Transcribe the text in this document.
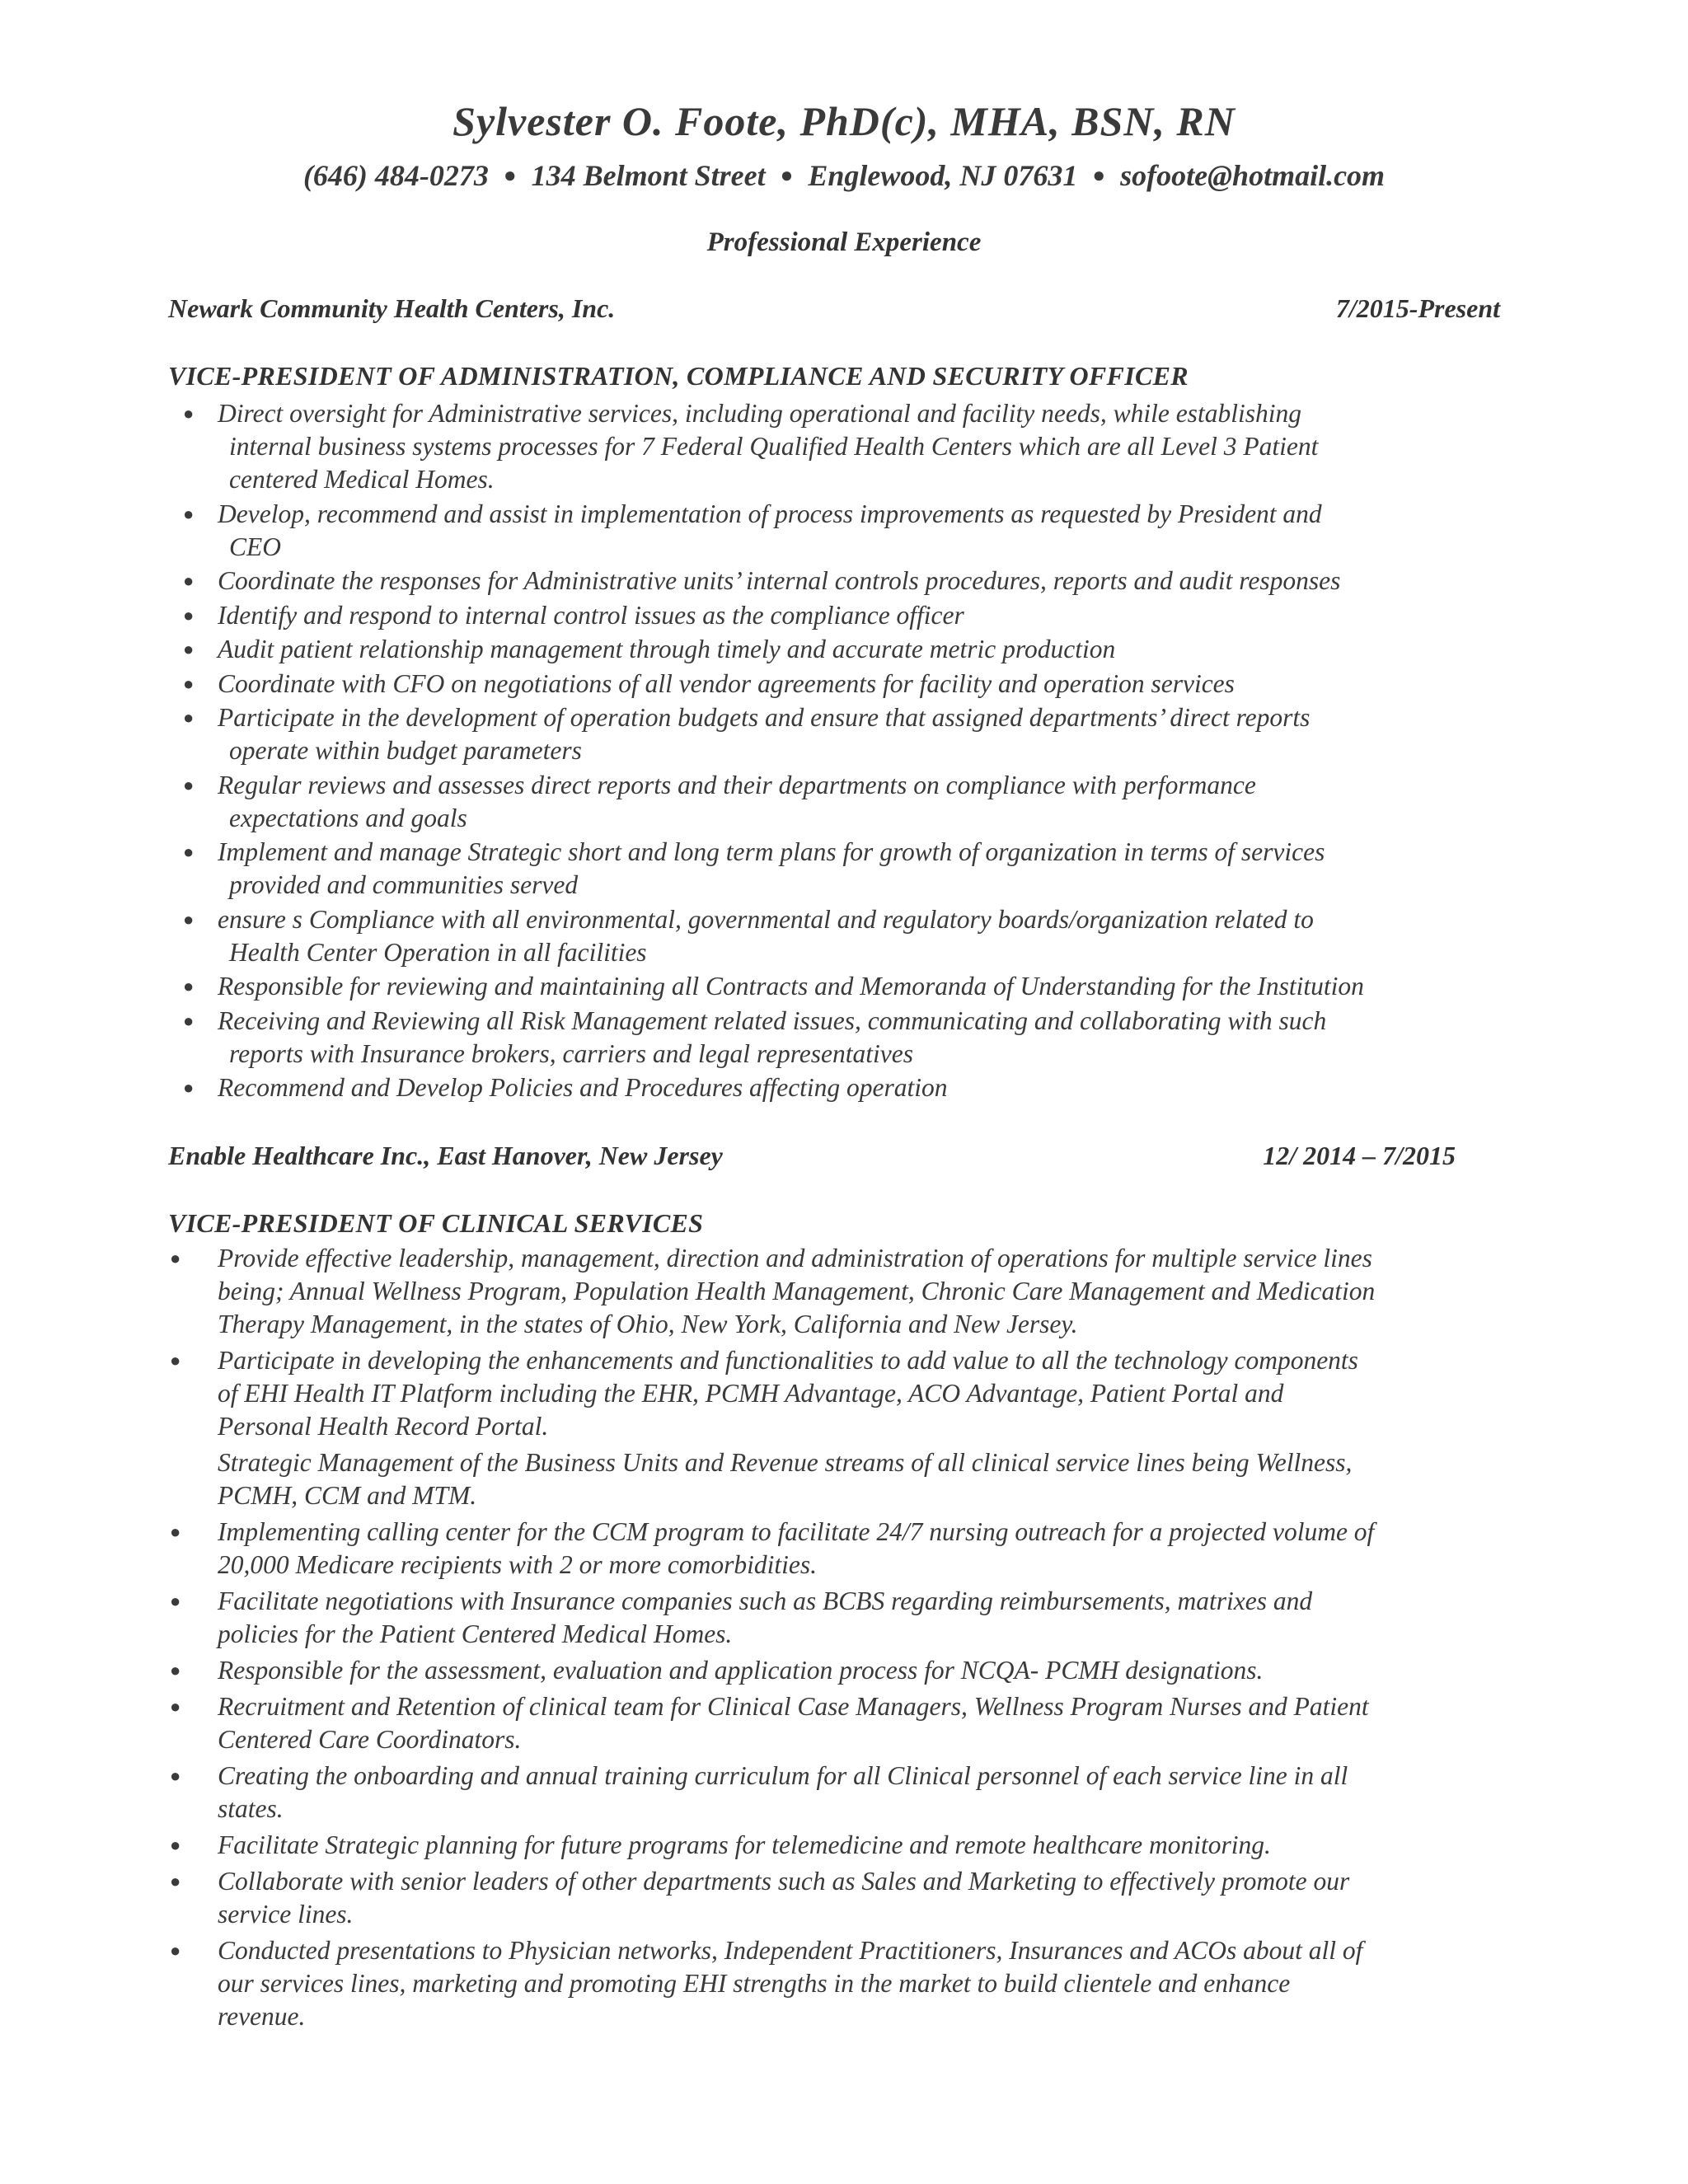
Sylvester O. Foote, PhD(c), MHA, BSN, RN
(646) 484-0273 ● 134 Belmont Street ● Englewood, NJ 07631 ● sofoote@hotmail.com
Professional Experience
Newark Community Health Centers, Inc.	7/2015-Present
VICE-PRESIDENT OF ADMINISTRATION, COMPLIANCE AND SECURITY OFFICER
● Direct oversight for Administrative services, including operational and facility needs, while establishing
internal business systems processes for 7 Federal Qualified Health Centers which are all Level 3 Patient
centered Medical Homes.
● Develop, recommend and assist in implementation of process improvements as requested by President and
CEO
● Coordinate the responses for Administrative units’ internal controls procedures, reports and audit responses
● Identify and respond to internal control issues as the compliance officer
● Audit patient relationship management through timely and accurate metric production
● Coordinate with CFO on negotiations of all vendor agreements for facility and operation services
● Participate in the development of operation budgets and ensure that assigned departments’ direct reports
operate within budget parameters
● Regular reviews and assesses direct reports and their departments on compliance with performance
expectations and goals
● Implement and manage Strategic short and long term plans for growth of organization in terms of services
provided and communities served
● ensure s Compliance with all environmental, governmental and regulatory boards/organization related to
Health Center Operation in all facilities
● Responsible for reviewing and maintaining all Contracts and Memoranda of Understanding for the Institution
● Receiving and Reviewing all Risk Management related issues, communicating and collaborating with such
reports with Insurance brokers, carriers and legal representatives
● Recommend and Develop Policies and Procedures affecting operation
Enable Healthcare Inc., East Hanover, New Jersey	12/ 2014 – 7/2015
VICE-PRESIDENT OF CLINICAL SERVICES
● Provide effective leadership, management, direction and administration of operations for multiple service lines
being; Annual Wellness Program, Population Health Management, Chronic Care Management and Medication
Therapy Management, in the states of Ohio, New York, California and New Jersey.
● Participate in developing the enhancements and functionalities to add value to all the technology components
of EHI Health IT Platform including the EHR, PCMH Advantage, ACO Advantage, Patient Portal and
Personal Health Record Portal.
Strategic Management of the Business Units and Revenue streams of all clinical service lines being Wellness,
PCMH, CCM and MTM.
● Implementing calling center for the CCM program to facilitate 24/7 nursing outreach for a projected volume of
20,000 Medicare recipients with 2 or more comorbidities.
● Facilitate negotiations with Insurance companies such as BCBS regarding reimbursements, matrixes and
policies for the Patient Centered Medical Homes.
● Responsible for the assessment, evaluation and application process for NCQA- PCMH designations.
● Recruitment and Retention of clinical team for Clinical Case Managers, Wellness Program Nurses and Patient
Centered Care Coordinators.
● Creating the onboarding and annual training curriculum for all Clinical personnel of each service line in all
states.
● Facilitate Strategic planning for future programs for telemedicine and remote healthcare monitoring.
● Collaborate with senior leaders of other departments such as Sales and Marketing to effectively promote our
service lines.
● Conducted presentations to Physician networks, Independent Practitioners, Insurances and ACOs about all of
our services lines, marketing and promoting EHI strengths in the market to build clientele and enhance
revenue.
